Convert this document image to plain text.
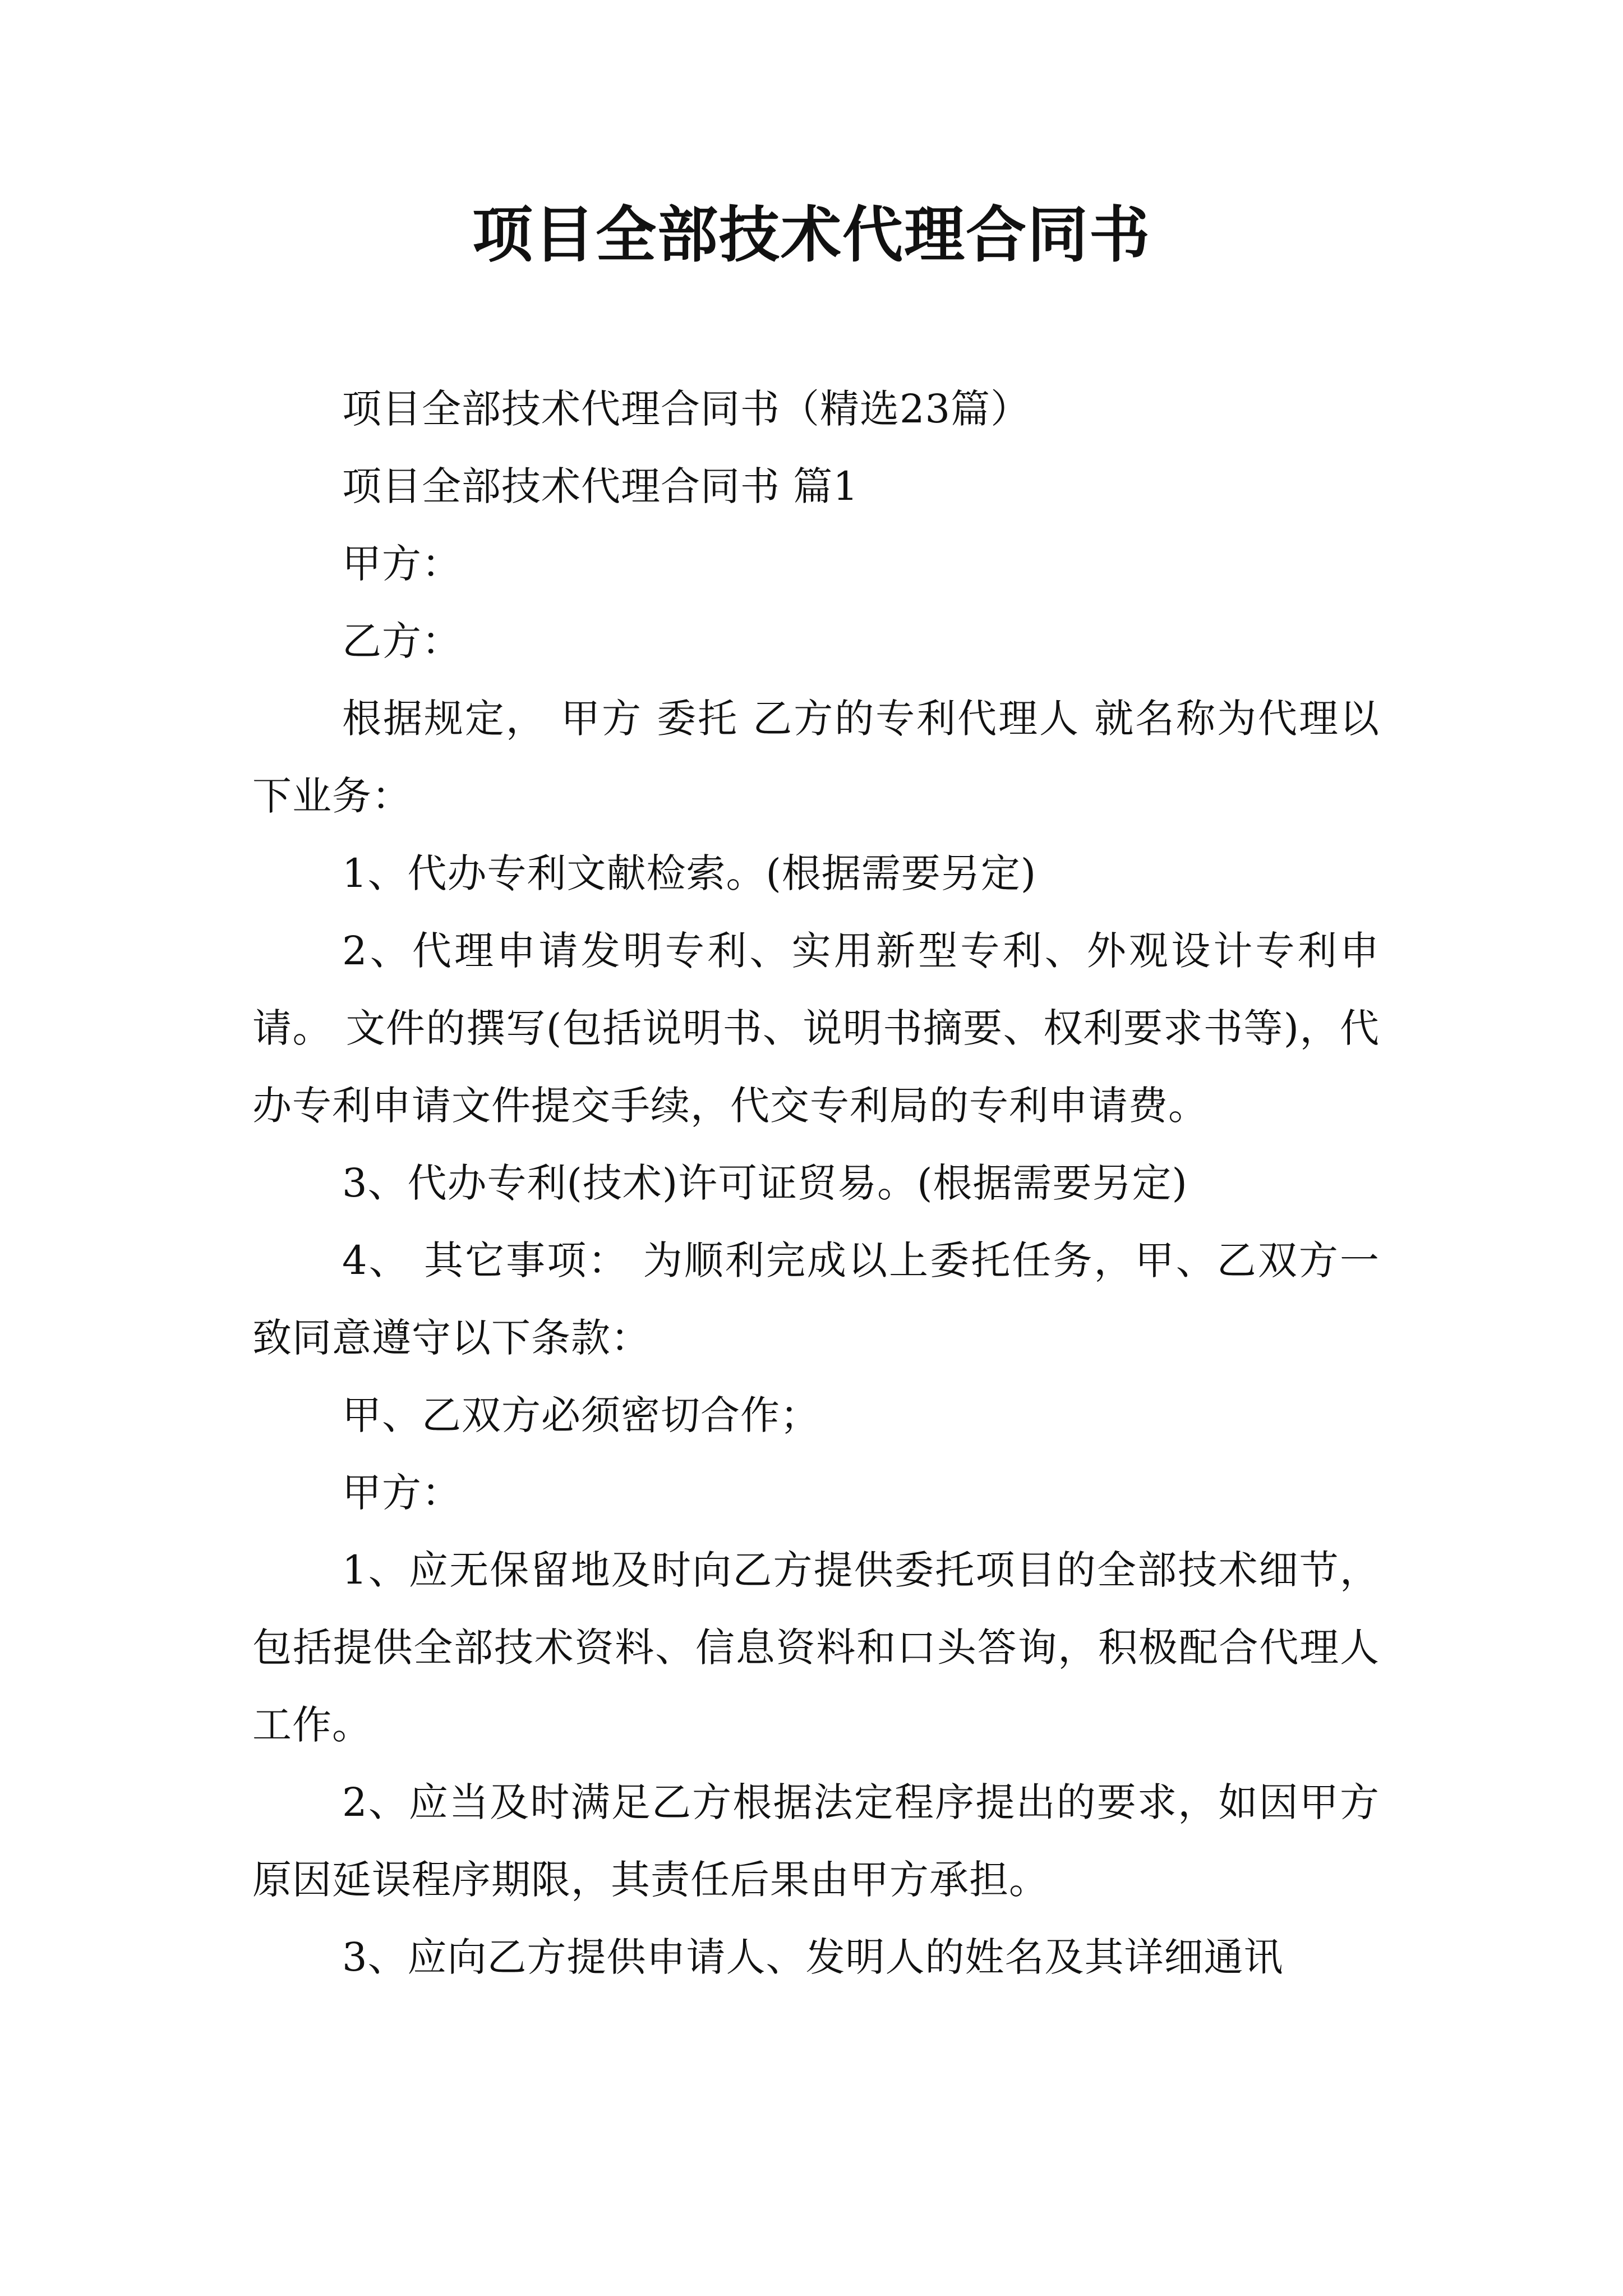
项目全部技术代理合同书

项目全部技术代理合同书（精选23篇）

项目全部技术代理合同书 篇1

甲方：

乙方：

根据规定， 甲方 委托 乙方的专利代理人 就名称为代理以下业务：

1、代办专利文献检索。(根据需要另定)

2、代理申请发明专利、实用新型专利、外观设计专利申请。 文件的撰写(包括说明书、说明书摘要、权利要求书等)，代办专利申请文件提交手续，代交专利局的专利申请费。

3、代办专利(技术)许可证贸易。(根据需要另定)

4、 其它事项： 为顺利完成以上委托任务，甲、乙双方一致同意遵守以下条款：

甲、乙双方必须密切合作；

甲方：

1、应无保留地及时向乙方提供委托项目的全部技术细节，包括提供全部技术资料、信息资料和口头答询，积极配合代理人工作。

2、应当及时满足乙方根据法定程序提出的要求，如因甲方原因延误程序期限，其责任后果由甲方承担。

3、应向乙方提供申请人、发明人的姓名及其详细通讯
